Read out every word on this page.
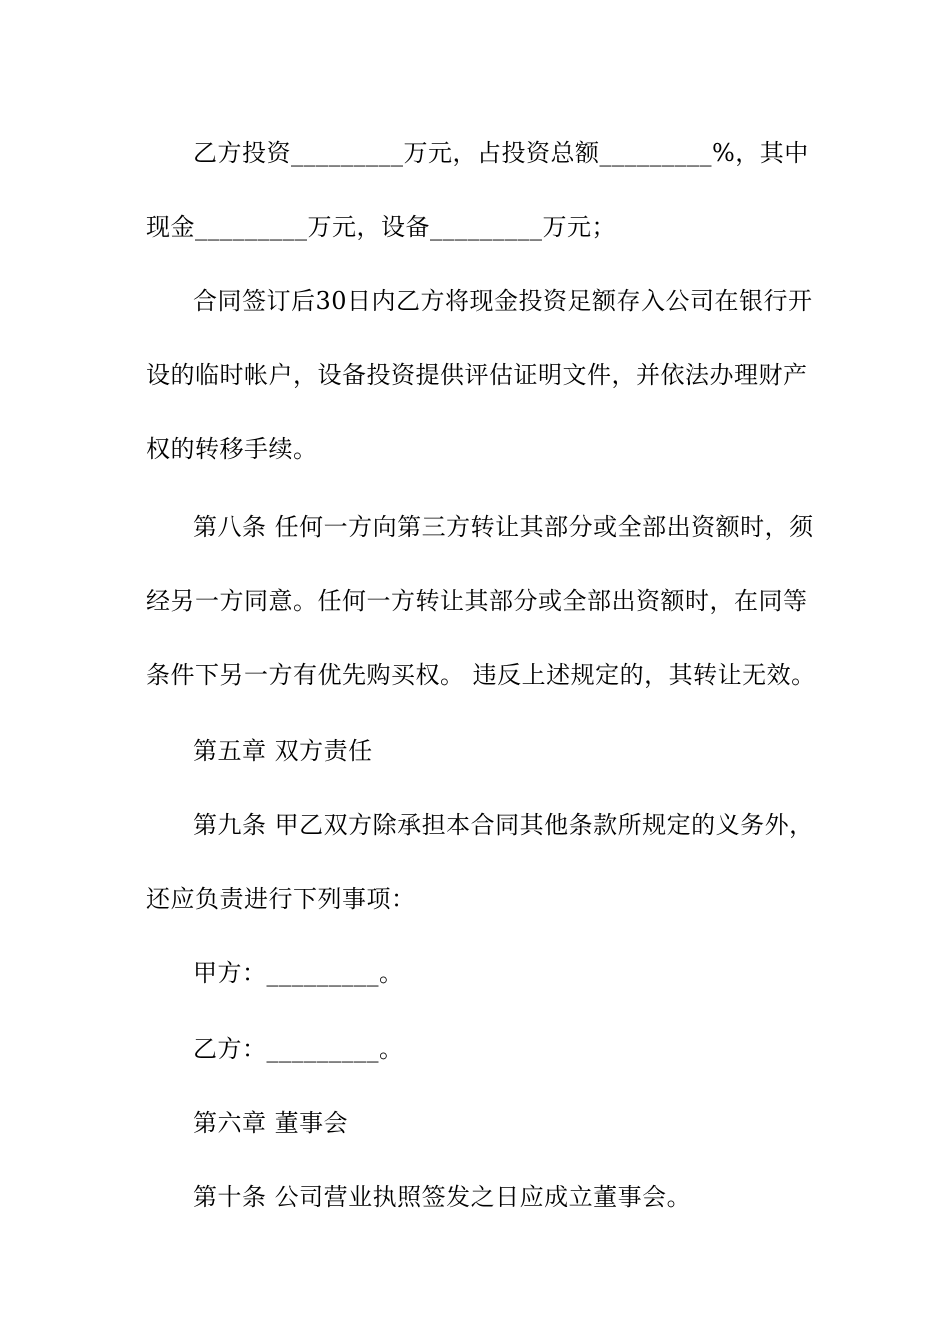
乙方投资_________万元，占投资总额_________%，其中
现金_________万元，设备_________万元；
合同签订后30日内乙方将现金投资足额存入公司在银行开
设的临时帐户，设备投资提供评估证明文件，并依法办理财产
权的转移手续。
第八条 任何一方向第三方转让其部分或全部出资额时，须
经另一方同意。任何一方转让其部分或全部出资额时，在同等
条件下另一方有优先购买权。 违反上述规定的，其转让无效。
第五章 双方责任
第九条 甲乙双方除承担本合同其他条款所规定的义务外，
还应负责进行下列事项：
甲方：_________。
乙方：_________。
第六章 董事会
第十条 公司营业执照签发之日应成立董事会。
